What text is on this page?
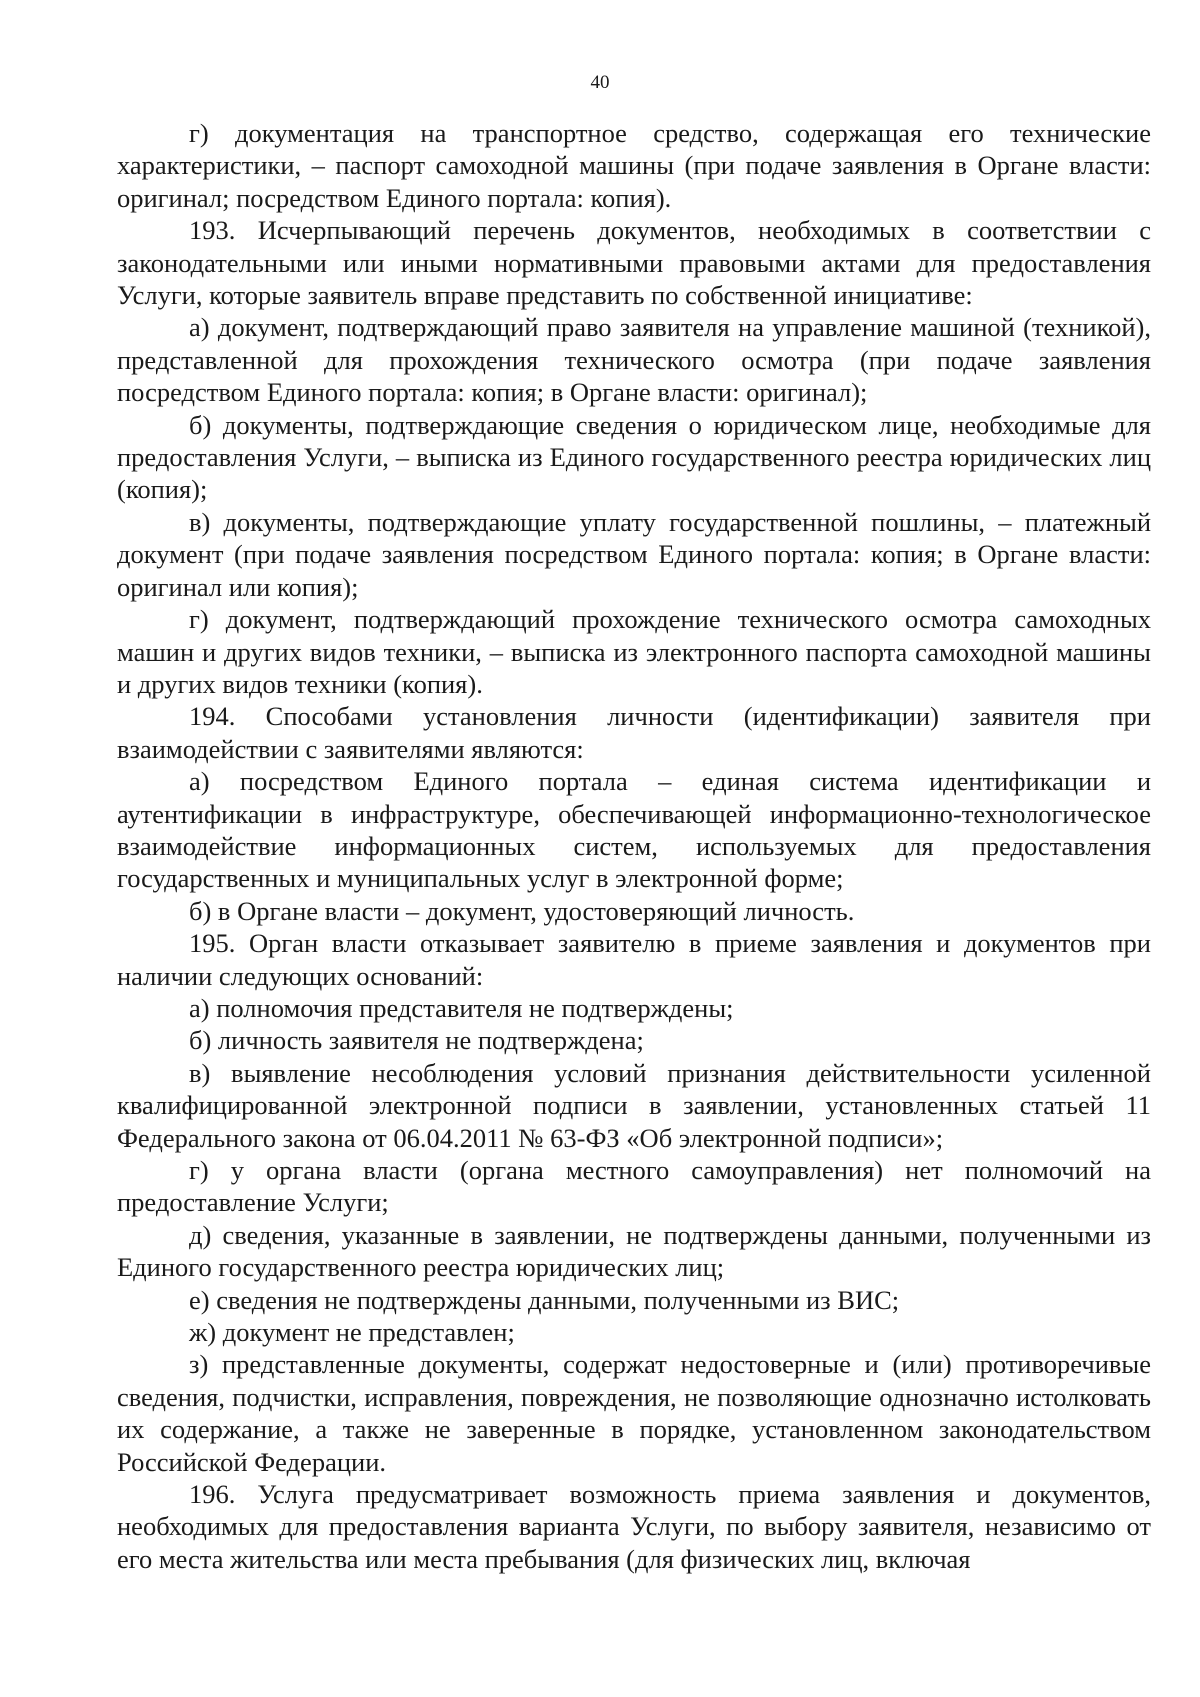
40

г) документация на транспортное средство, содержащая его технические характеристики, – паспорт самоходной машины (при подаче заявления в Органе власти: оригинал; посредством Единого портала: копия).

193. Исчерпывающий перечень документов, необходимых в соответствии с законодательными или иными нормативными правовыми актами для предоставления Услуги, которые заявитель вправе представить по собственной инициативе:

а) документ, подтверждающий право заявителя на управление машиной (техникой), представленной для прохождения технического осмотра (при подаче заявления посредством Единого портала: копия; в Органе власти: оригинал);

б) документы, подтверждающие сведения о юридическом лице, необходимые для предоставления Услуги, – выписка из Единого государственного реестра юридических лиц (копия);

в) документы, подтверждающие уплату государственной пошлины, – платежный документ (при подаче заявления посредством Единого портала: копия; в Органе власти: оригинал или копия);

г) документ, подтверждающий прохождение технического осмотра самоходных машин и других видов техники, – выписка из электронного паспорта самоходной машины и других видов техники (копия).

194. Способами установления личности (идентификации) заявителя при взаимодействии с заявителями являются:

а) посредством Единого портала – единая система идентификации и аутентификации в инфраструктуре, обеспечивающей информационно-технологическое взаимодействие информационных систем, используемых для предоставления государственных и муниципальных услуг в электронной форме;

б) в Органе власти – документ, удостоверяющий личность.

195. Орган власти отказывает заявителю в приеме заявления и документов при наличии следующих оснований:

а) полномочия представителя не подтверждены;

б) личность заявителя не подтверждена;

в) выявление несоблюдения условий признания действительности усиленной квалифицированной электронной подписи в заявлении, установленных статьей 11 Федерального закона от 06.04.2011 № 63-ФЗ «Об электронной подписи»;

г) у органа власти (органа местного самоуправления) нет полномочий на предоставление Услуги;

д) сведения, указанные в заявлении, не подтверждены данными, полученными из Единого государственного реестра юридических лиц;

е) сведения не подтверждены данными, полученными из ВИС;

ж) документ не представлен;

з) представленные документы, содержат недостоверные и (или) противоречивые сведения, подчистки, исправления, повреждения, не позволяющие однозначно истолковать их содержание, а также не заверенные в порядке, установленном законодательством Российской Федерации.

196. Услуга предусматривает возможность приема заявления и документов, необходимых для предоставления варианта Услуги, по выбору заявителя, независимо от его места жительства или места пребывания (для физических лиц, включая
